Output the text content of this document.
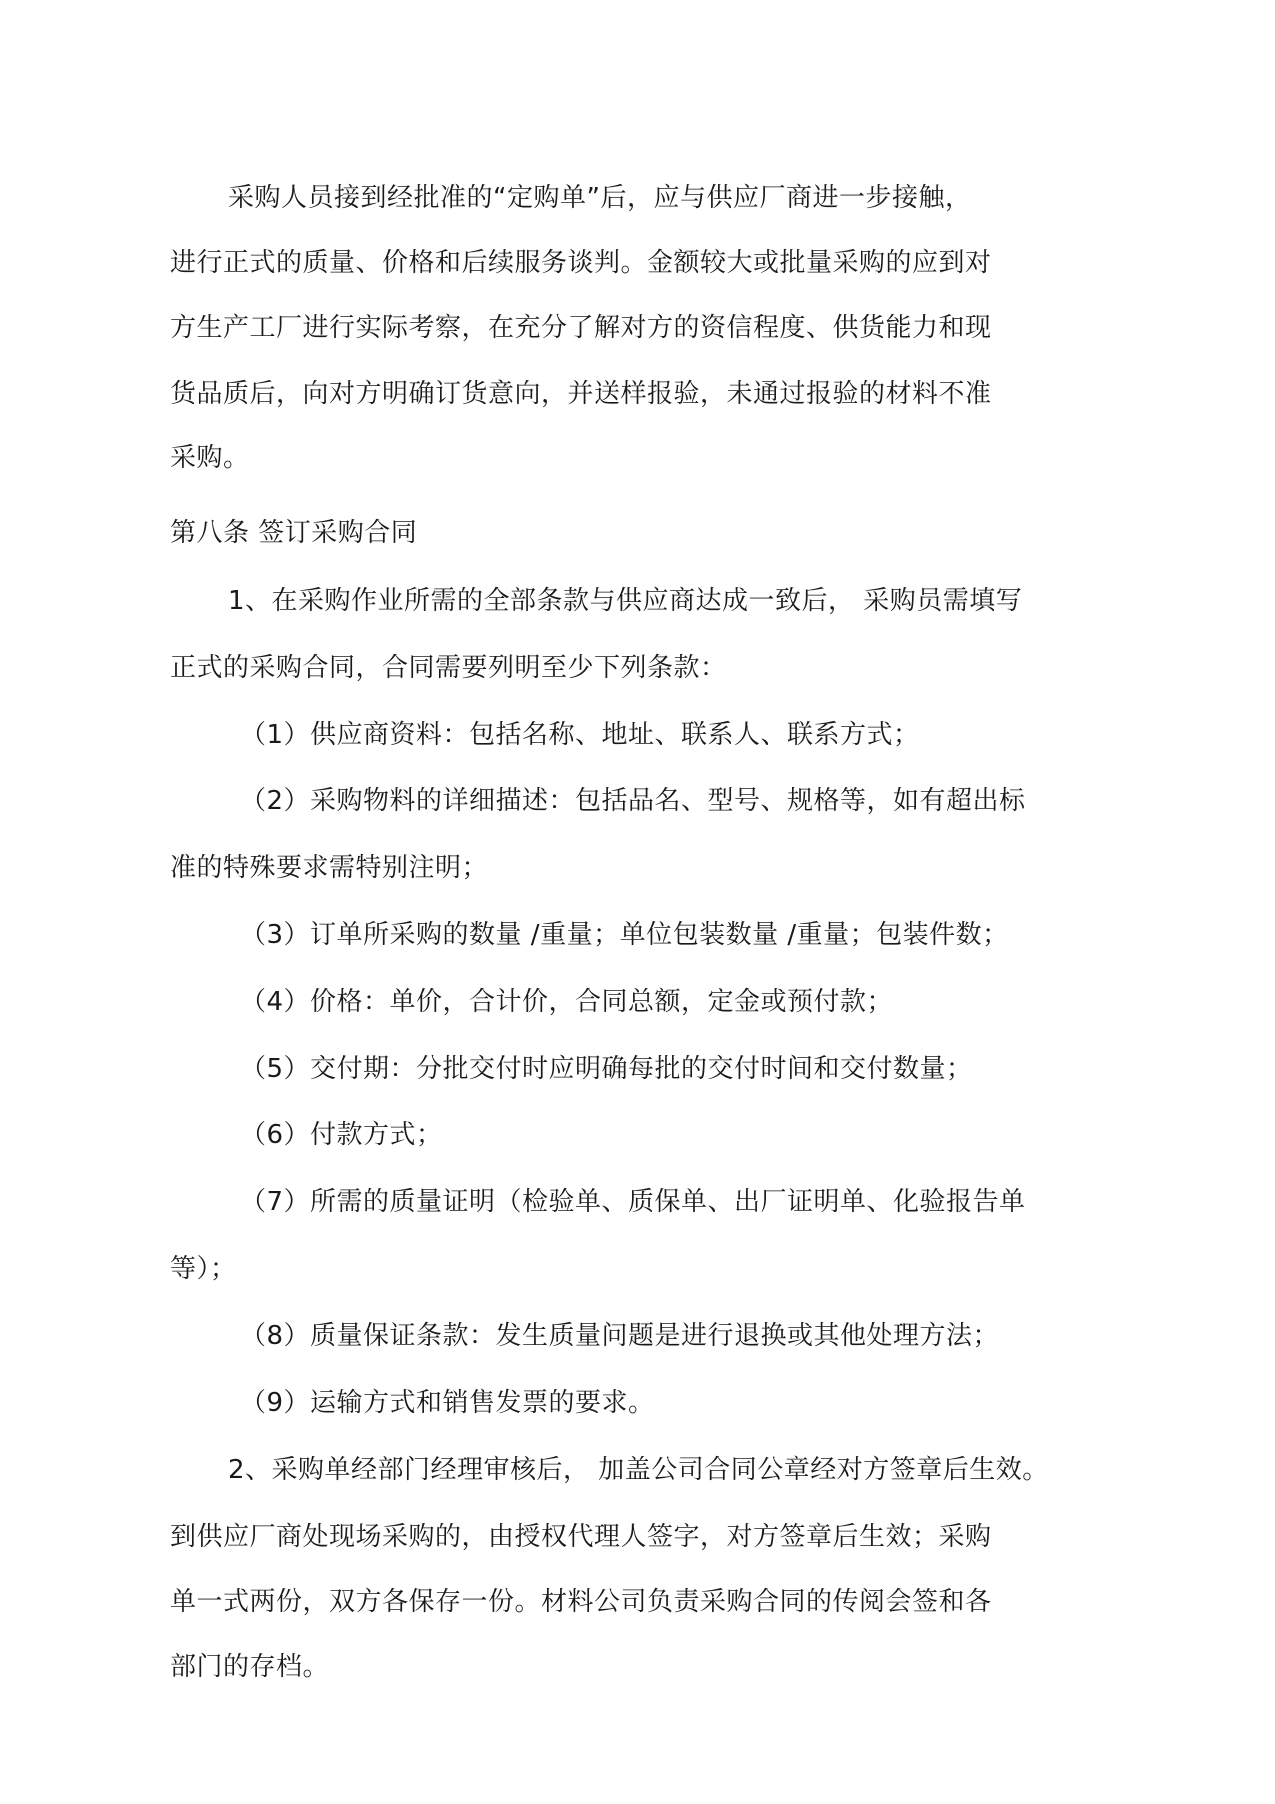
采购人员接到经批准的“定购单”后，应与供应厂商进一步接触，
进行正式的质量、价格和后续服务谈判。金额较大或批量采购的应到对
方生产工厂进行实际考察，在充分了解对方的资信程度、供货能力和现
货品质后，向对方明确订货意向，并送样报验，未通过报验的材料不准
采购。
第八条 签订采购合同
1、在采购作业所需的全部条款与供应商达成一致后， 采购员需填写
正式的采购合同，合同需要列明至少下列条款：
（1）供应商资料：包括名称、地址、联系人、联系方式；
（2）采购物料的详细描述：包括品名、型号、规格等，如有超出标
准的特殊要求需特别注明；
（3）订单所采购的数量 /重量；单位包装数量 /重量；包装件数；
（4）价格：单价，合计价，合同总额，定金或预付款；
（5）交付期：分批交付时应明确每批的交付时间和交付数量；
（6）付款方式；
（7）所需的质量证明（检验单、质保单、出厂证明单、化验报告单
等）；
（8）质量保证条款：发生质量问题是进行退换或其他处理方法；
（9）运输方式和销售发票的要求。
2、采购单经部门经理审核后， 加盖公司合同公章经对方签章后生效。
到供应厂商处现场采购的，由授权代理人签字，对方签章后生效；采购
单一式两份，双方各保存一份。材料公司负责采购合同的传阅会签和各
部门的存档。
